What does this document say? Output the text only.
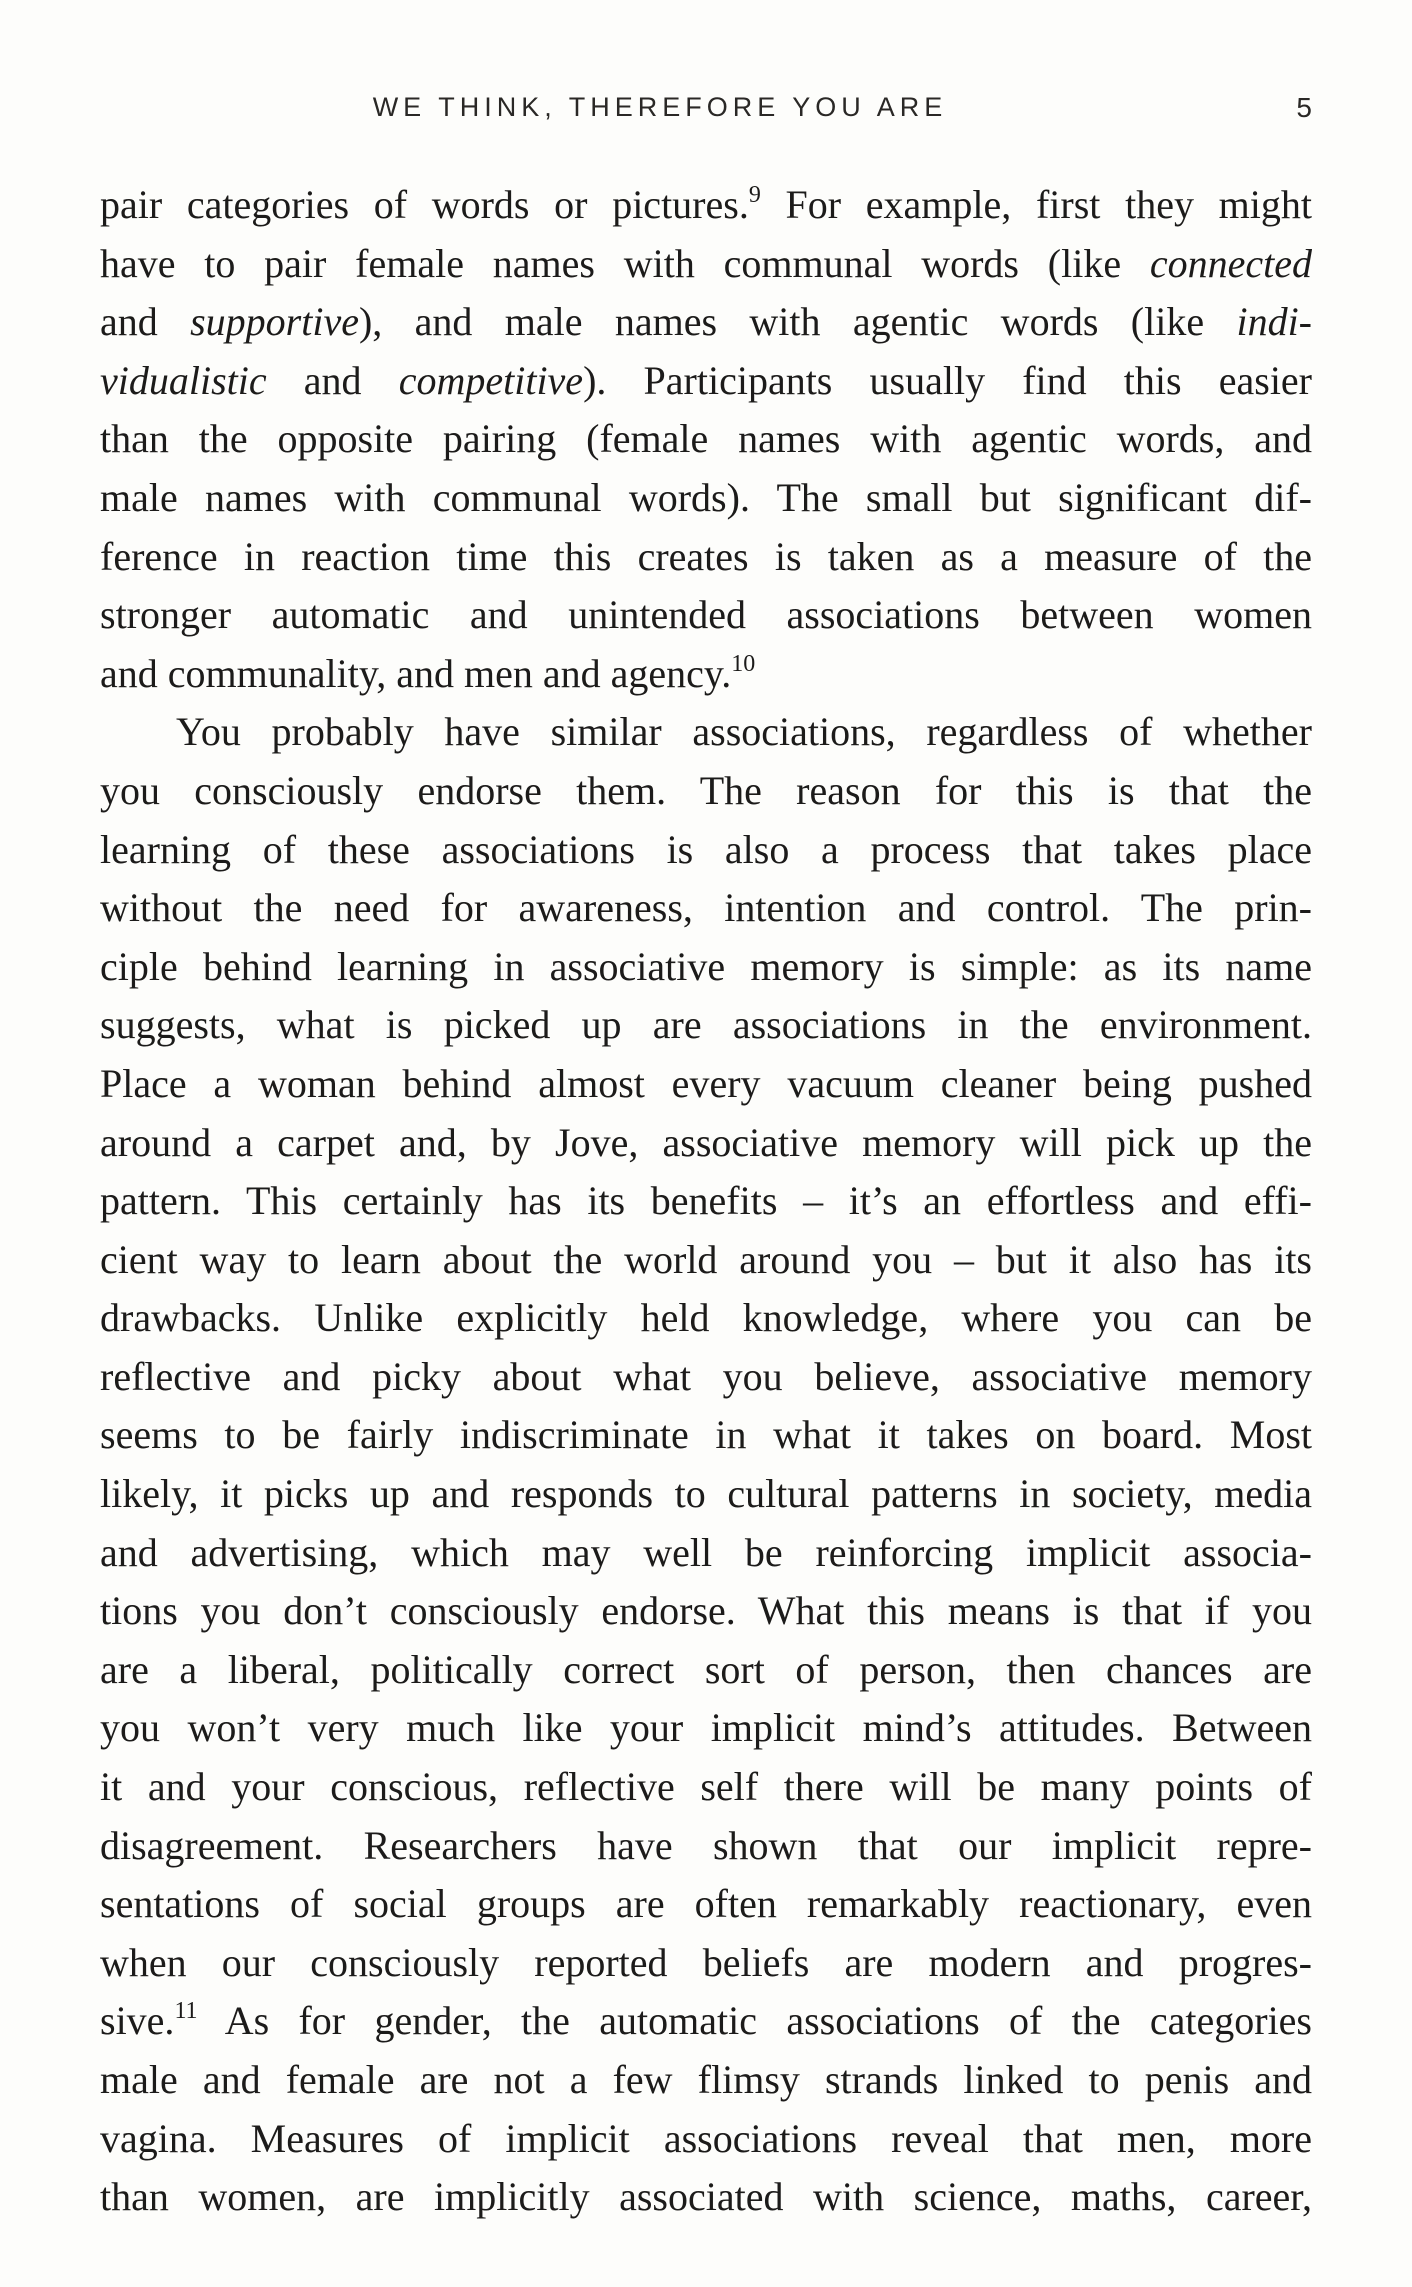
WE THINK, THEREFORE YOU ARE	5
pair categories of words or pictures.$^9$ For example, first they might
have to pair female names with communal words (like connected
and supportive), and male names with agentic words (like indi-
vidualistic and competitive). Participants usually find this easier
than the opposite pairing (female names with agentic words, and
male names with communal words). The small but significant dif-
ference in reaction time this creates is taken as a measure of the
stronger automatic and unintended associations between women
and communality, and men and agency.$^{10}$
You probably have similar associations, regardless of whether
you consciously endorse them. The reason for this is that the
learning of these associations is also a process that takes place
without the need for awareness, intention and control. The prin-
ciple behind learning in associative memory is simple: as its name
suggests, what is picked up are associations in the environment.
Place a woman behind almost every vacuum cleaner being pushed
around a carpet and, by Jove, associative memory will pick up the
pattern. This certainly has its benefits – it’s an effortless and effi-
cient way to learn about the world around you – but it also has its
drawbacks. Unlike explicitly held knowledge, where you can be
reflective and picky about what you believe, associative memory
seems to be fairly indiscriminate in what it takes on board. Most
likely, it picks up and responds to cultural patterns in society, media
and advertising, which may well be reinforcing implicit associa-
tions you don’t consciously endorse. What this means is that if you
are a liberal, politically correct sort of person, then chances are
you won’t very much like your implicit mind’s attitudes. Between
it and your conscious, reflective self there will be many points of
disagreement. Researchers have shown that our implicit repre-
sentations of social groups are often remarkably reactionary, even
when our consciously reported beliefs are modern and progres-
sive.$^{11}$ As for gender, the automatic associations of the categories
male and female are not a few flimsy strands linked to penis and
vagina. Measures of implicit associations reveal that men, more
than women, are implicitly associated with science, maths, career,
